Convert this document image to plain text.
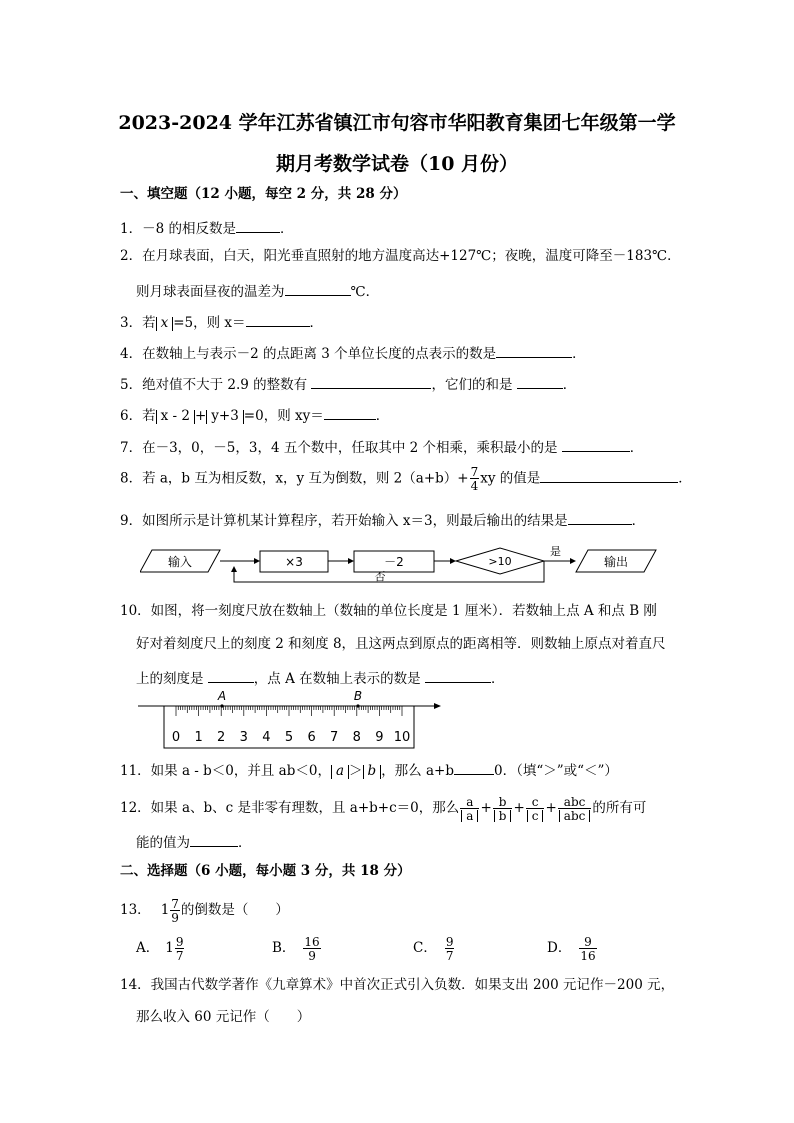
2023-2024 学年江苏省镇江市句容市华阳教育集团七年级第一学
期月考数学试卷（10 月份）
一、填空题（12 小题，每空 2 分，共 28 分）
1．－8 的相反数是	．
2．在月球表面，白天，阳光垂直照射的地方温度高达+127℃；夜晚，温度可降至－183℃．
则月球表面昼夜的温差为	℃．
3．若 x =5，则 x＝	．
4．在数轴上与表示－2 的点距离 3 个单位长度的点表示的数是	．
5．绝对值不大于 2.9 的整数有	，它们的和是	．
6．若 x - 2 + y+3 =0，则 xy＝	．
7．在－3，0，－5，3，4 五个数中，任取其中 2 个相乘，乘积最小的是	．
8．若 a，b 互为相反数，x，y 互为倒数，则 $2(a+b)+ \frac{7}{4}$ xy 的值是	．
9．如图所示是计算机某计算程序，若开始输入 x＝3，则最后输出的结果是	．
输入	×3	－2	>10
是
输出
否
10．如图，将一刻度尺放在数轴上（数轴的单位长度是 1 厘米）．若数轴上点 A 和点 B 刚
好对着刻度尺上的刻度 2 和刻度 8，且这两点到原点的距离相等．则数轴上原点对着直尺
上的刻度是	，点 A 在数轴上表示的数是	．
A	B
0 1 2 3 4 5 6 7 8 9 10
11．如果 a - b＜0，并且 ab＜0， a ＞ b ，那么 a+b	0．（填“＞”或“＜”）
12．如果 a、b、c 是非零有理数，且 a+b+c＝0，那么 $\frac{a}{a} + \frac{b}{b} + \frac{c}{c} + \frac{\text{abc}}{\text{abc}}$ 的所有可
能的值为	．
二、选择题（6 小题，每小题 3 分，共 18 分）
13． $1 \frac{7}{9}$ 的倒数是（　　）
A． $1 \frac{9}{7}$	B． $\frac{16}{9}$	C． $\frac{9}{7}$	D． $\frac{9}{16}$
14．我国古代数学著作《九章算术》中首次正式引入负数．如果支出 200 元记作－200 元，
那么收入 60 元记作（　　）
